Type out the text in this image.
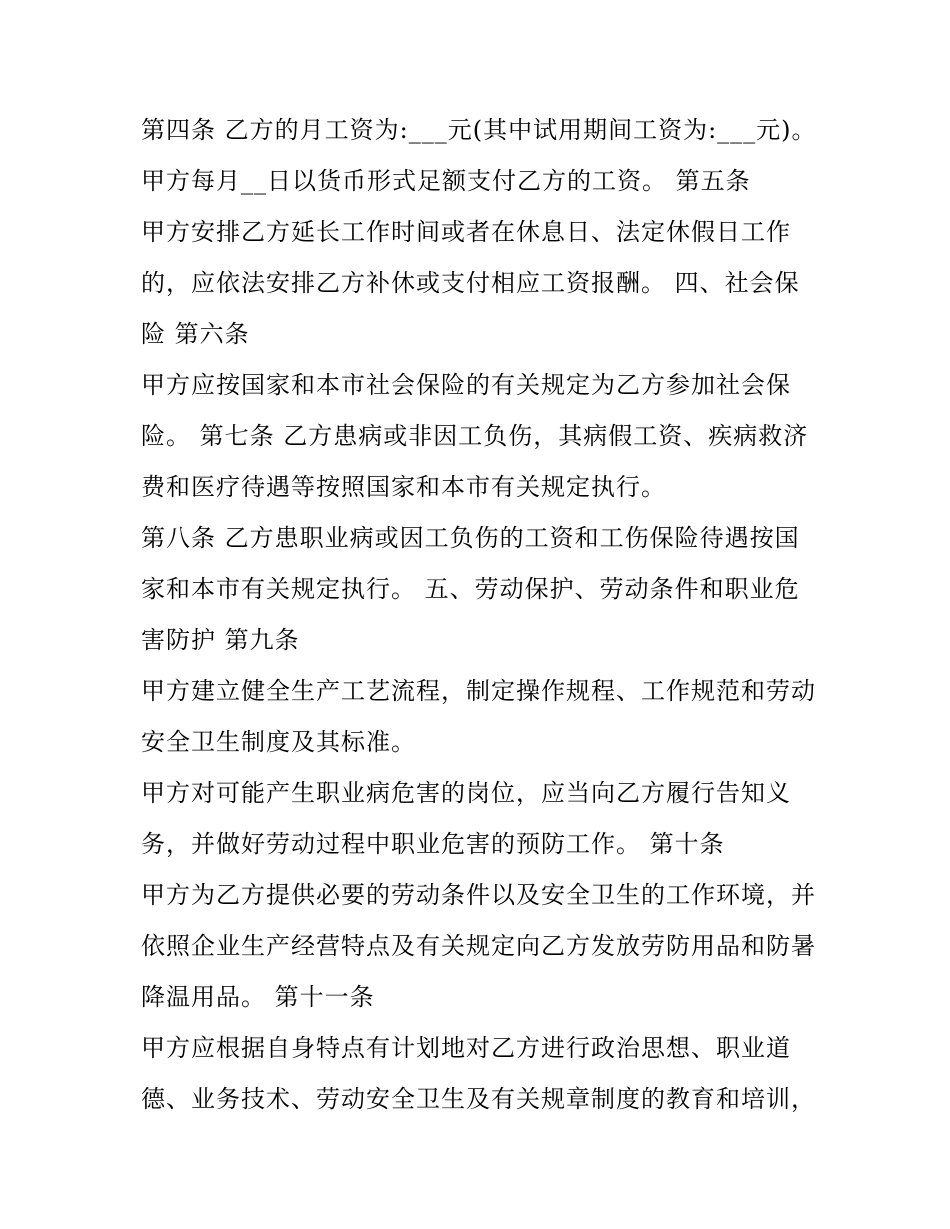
第四条 乙方的月工资为:___元(其中试用期间工资为:___元)。
甲方每月__日以货币形式足额支付乙方的工资。 第五条
甲方安排乙方延长工作时间或者在休息日、法定休假日工作
的，应依法安排乙方补休或支付相应工资报酬。 四、社会保
险 第六条
甲方应按国家和本市社会保险的有关规定为乙方参加社会保
险。 第七条 乙方患病或非因工负伤，其病假工资、疾病救济
费和医疗待遇等按照国家和本市有关规定执行。
第八条 乙方患职业病或因工负伤的工资和工伤保险待遇按国
家和本市有关规定执行。 五、劳动保护、劳动条件和职业危
害防护 第九条
甲方建立健全生产工艺流程，制定操作规程、工作规范和劳动
安全卫生制度及其标准。
甲方对可能产生职业病危害的岗位，应当向乙方履行告知义
务，并做好劳动过程中职业危害的预防工作。 第十条
甲方为乙方提供必要的劳动条件以及安全卫生的工作环境，并
依照企业生产经营特点及有关规定向乙方发放劳防用品和防暑
降温用品。 第十一条
甲方应根据自身特点有计划地对乙方进行政治思想、职业道
德、业务技术、劳动安全卫生及有关规章制度的教育和培训，
